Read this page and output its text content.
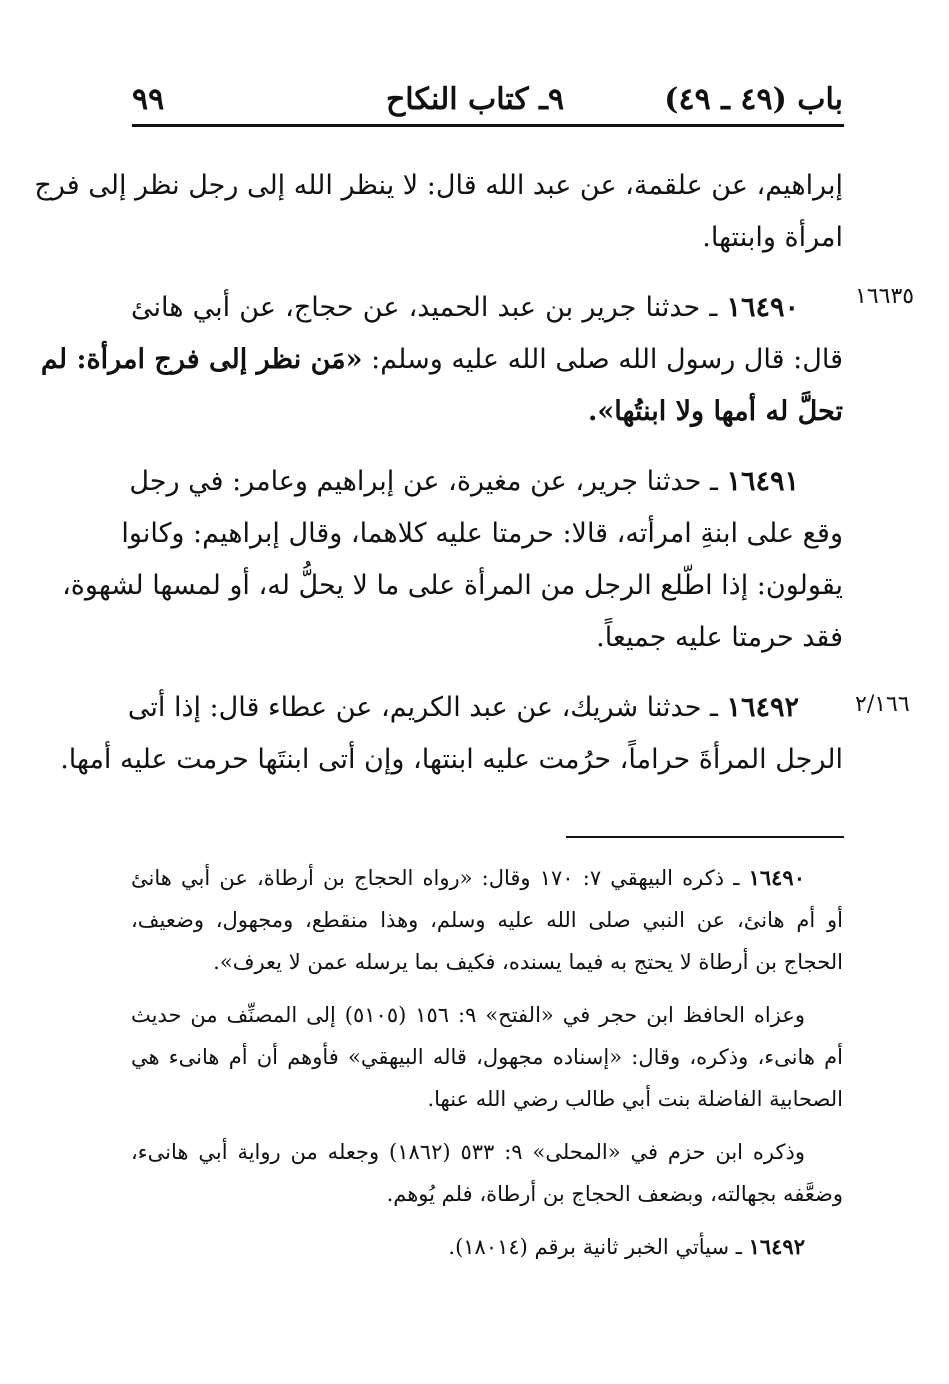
باب (٤٩ ـ ٤٩)
٩ـ كتاب النكاح
٩٩
١٦٦٣٥
٢/١٦٦
إبراهيم، عن علقمة، عن عبد الله قال: لا ينظر الله إلى رجل نظر إلى فرج
امرأة وابنتها.
١٦٤٩٠ ـ حدثنا جرير بن عبد الحميد، عن حجاج، عن أبي هانئ
قال: قال رسول الله صلى الله عليه وسلم: «مَن نظر إلى فرج امرأة: لم
تحلَّ له أمها ولا ابنتُها».
١٦٤٩١ ـ حدثنا جرير، عن مغيرة، عن إبراهيم وعامر: في رجل
وقع على ابنةِ امرأته، قالا: حرمتا عليه كلاهما، وقال إبراهيم: وكانوا
يقولون: إذا اطّلع الرجل من المرأة على ما لا يحلُّ له، أو لمسها لشهوة،
فقد حرمتا عليه جميعاً.
١٦٤٩٢ ـ حدثنا شريك، عن عبد الكريم، عن عطاء قال: إذا أتى
الرجل المرأةَ حراماً، حرُمت عليه ابنتها، وإن أتى ابنتَها حرمت عليه أمها.
١٦٤٩٠ ـ ذكره البيهقي ٧: ١٧٠ وقال: «رواه الحجاج بن أرطاة، عن أبي هانئ
أو أم هانئ، عن النبي صلى الله عليه وسلم، وهذا منقطع، ومجهول، وضعيف،
الحجاج بن أرطاة لا يحتج به فيما يسنده، فكيف بما يرسله عمن لا يعرف».
وعزاه الحافظ ابن حجر في «الفتح» ٩: ١٥٦ (٥١٠٥) إلى المصنِّف من حديث
أم هانىء، وذكره، وقال: «إسناده مجهول، قاله البيهقي» فأوهم أن أم هانىء هي
الصحابية الفاضلة بنت أبي طالب رضي الله عنها.
وذكره ابن حزم في «المحلى» ٩: ٥٣٣ (١٨٦٢) وجعله من رواية أبي هانىء،
وضعَّفه بجهالته، وبضعف الحجاج بن أرطاة، فلم يُوهم.
١٦٤٩٢ ـ سيأتي الخبر ثانية برقم (١٨٠١٤).
